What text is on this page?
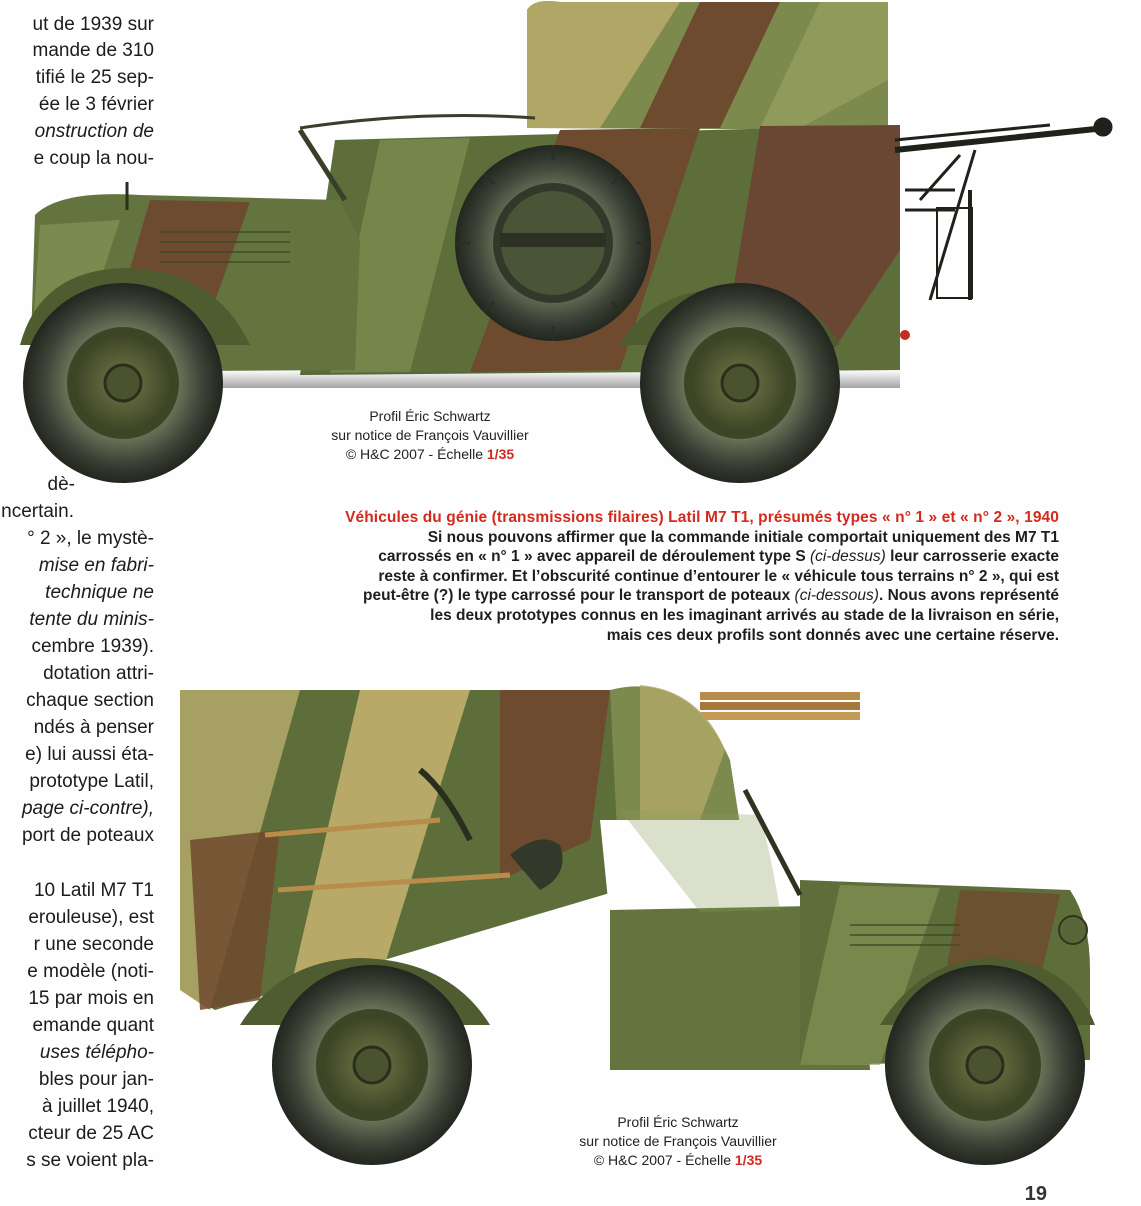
ut de 1939 sur
mande de 310
tifié le 25 sep-
ée le 3 février
onstruction de
e coup la nou-
dè-
ncertain.
° 2 », le mystè-
mise en fabri-
technique ne
tente du minis-
cembre 1939).
dotation attri-
chaque section
ndés à penser
e) lui aussi éta-
prototype Latil,
page ci-contre),
port de poteaux
10 Latil M7 T1
erouleuse), est
r une seconde
e modèle (noti-
15 par mois en
emande quant
uses télépho-
bles pour jan-
à juillet 1940,
cteur de 25 AC
s se voient pla-
Profil Éric Schwartz
sur notice de François Vauvillier
© H&C 2007 - Échelle 1/35
Véhicules du génie (transmissions filaires) Latil M7 T1, présumés types « n° 1 » et « n° 2 », 1940
Si nous pouvons affirmer que la commande initiale comportait uniquement des M7 T1
carrossés en « n° 1 » avec appareil de déroulement type S (ci-dessus) leur carrosserie exacte
reste à confirmer. Et l’obscurité continue d’entourer le « véhicule tous terrains n° 2 », qui est
peut-être (?) le type carrossé pour le transport de poteaux (ci-dessous). Nous avons représenté
les deux prototypes connus en les imaginant arrivés au stade de la livraison en série,
mais ces deux profils sont donnés avec une certaine réserve.
Profil Éric Schwartz
sur notice de François Vauvillier
© H&C 2007 - Échelle 1/35
19
